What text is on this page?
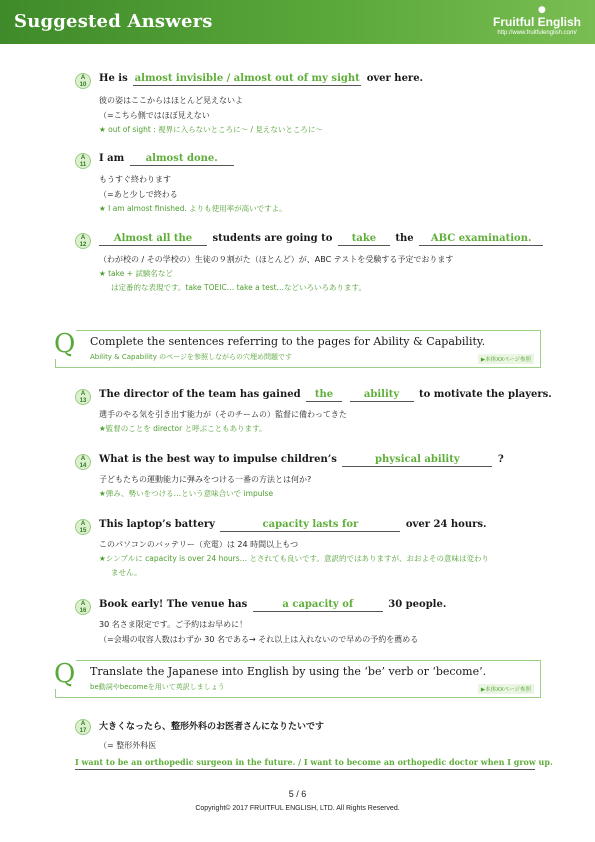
Suggested Answers
●
Fruitful English
http://www.fruitfulenglish.com/
A
10
He is almost invisible / almost out of my sight over here.
彼の姿はここからはほとんど見えないよ
（=こちら側ではほぼ見えない
★ out of sight : 視界に入らないところに～ / 見えないところに～
A
11
I am almost done.
もうすぐ終わります
（=あと少しで終わる
★ I am almost finished. よりも使用率が高いですよ。
A
12
Almost all the students are going to take the ABC examination.
（わが校の / その学校の）生徒の９割がた（ほとんど）が、ABC テストを受験する予定でおります
★ take + 試験名など
は定番的な表現です。take TOEIC… take a test…などいろいろあります。
Q Complete the sentences referring to the pages for Ability & Capability.
Ability & Capability のページを参照しながらの穴埋め問題です	▶本体XXページ参照
A
13
The director of the team has gained the	ability to motivate the players.
選手のやる気を引き出す能力が（そのチームの）監督に備わってきた
★監督のことを director と呼ぶこともあります。
A
14
What is the best way to impulse children’s	physical ability	?
子どもたちの運動能力に弾みをつける一番の方法とは何か?
★弾み、勢いをつける…という意味合いで impulse
A
15
This laptop’s battery	capacity lasts for	over 24 hours.
このパソコンのバッテリー（充電）は 24 時間以上もつ
★シンプルに capacity is over 24 hours… とされても良いです。意訳的ではありますが、おおよその意味は変わり
ません。
A
16
Book early! The venue has	a capacity of	30 people.
30 名さま限定です。ご予約はお早めに！
（=会場の収容人数はわずか 30 名である→ それ以上は入れないので早めの予約を薦める
Q Translate the Japanese into English by using the ‘be’ verb or ‘become’.
be動詞やbecomeを用いて英訳しましょう	▶本体XXページ参照
A
17	大きくなったら、整形外科のお医者さんになりたいです
（= 整形外科医
I want to be an orthopedic surgeon in the future. / I want to become an orthopedic doctor when I grow up.
5 / 6
Copyright© 2017 FRUITFUL ENGLISH, LTD. All Rights Reserved.
